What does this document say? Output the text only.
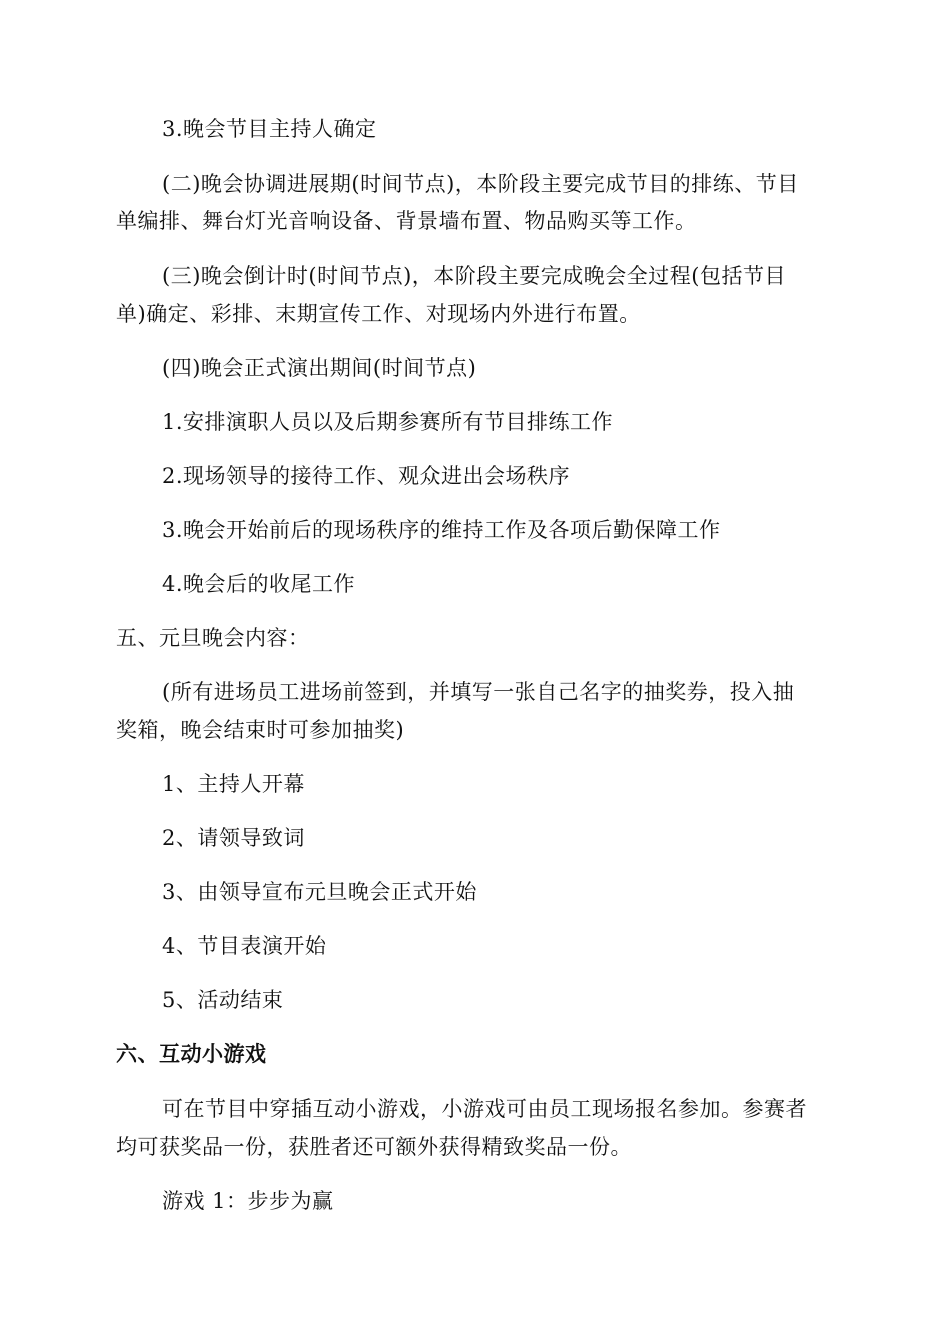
3.晚会节目主持人确定
(二)晚会协调进展期(时间节点)，本阶段主要完成节目的排练、节目
单编排、舞台灯光音响设备、背景墙布置、物品购买等工作。
(三)晚会倒计时(时间节点)，本阶段主要完成晚会全过程(包括节目
单)确定、彩排、末期宣传工作、对现场内外进行布置。
(四)晚会正式演出期间(时间节点)
1.安排演职人员以及后期参赛所有节目排练工作
2.现场领导的接待工作、观众进出会场秩序
3.晚会开始前后的现场秩序的维持工作及各项后勤保障工作
4.晚会后的收尾工作
五、元旦晚会内容：
(所有进场员工进场前签到，并填写一张自己名字的抽奖券，投入抽
奖箱，晚会结束时可参加抽奖)
1、主持人开幕
2、请领导致词
3、由领导宣布元旦晚会正式开始
4、节目表演开始
5、活动结束
六、互动小游戏
可在节目中穿插互动小游戏，小游戏可由员工现场报名参加。参赛者
均可获奖品一份，获胜者还可额外获得精致奖品一份。
游戏 1：步步为赢
